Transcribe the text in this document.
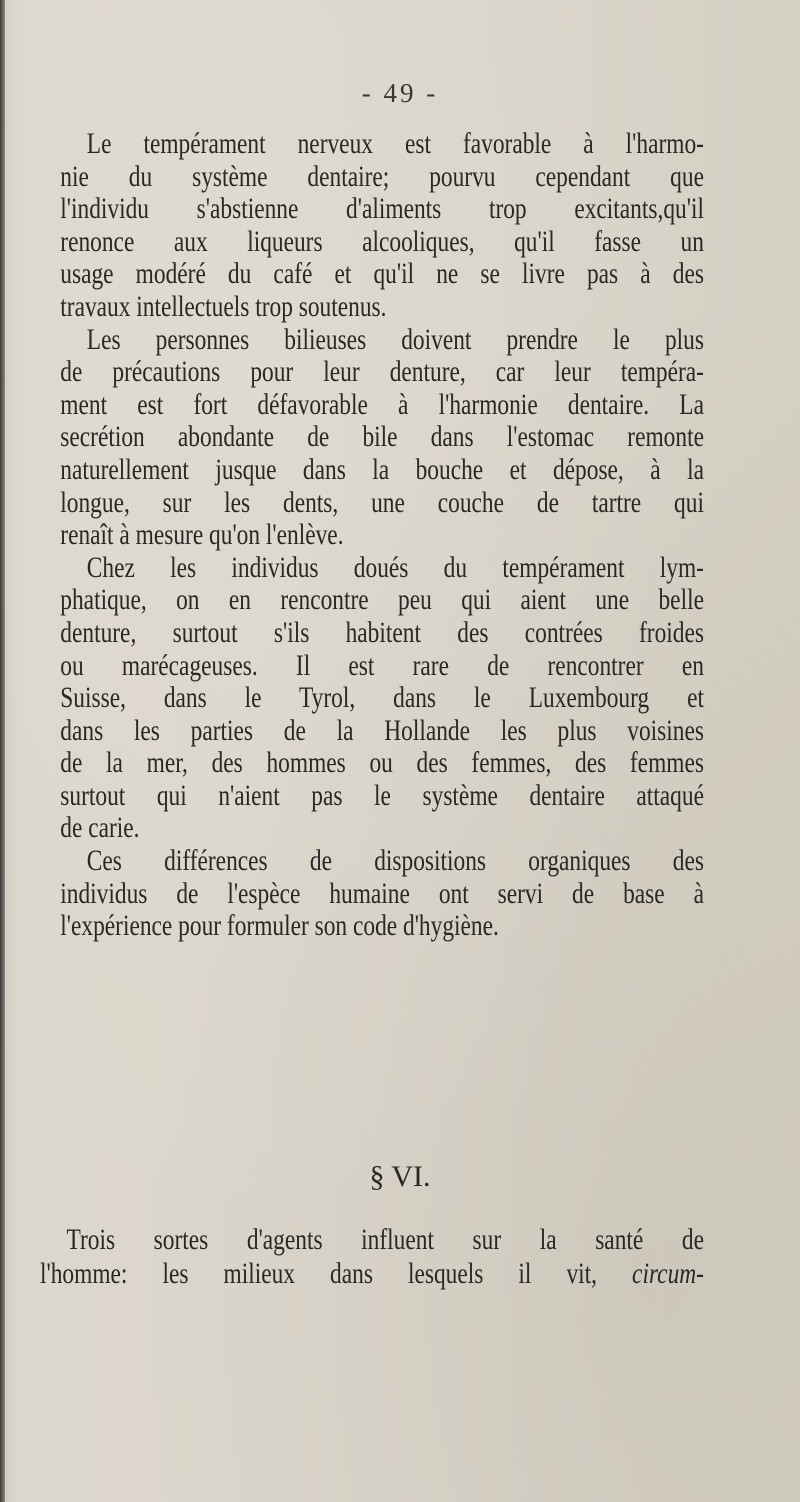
- 49 -
Le tempérament nerveux est favorable à l'harmo-
nie du système dentaire; pourvu cependant que
l'individu s'abstienne d'aliments trop excitants,qu'il
renonce aux liqueurs alcooliques, qu'il fasse un
usage modéré du café et qu'il ne se livre pas à des
travaux intellectuels trop soutenus.
Les personnes bilieuses doivent prendre le plus
de précautions pour leur denture, car leur tempéra-
ment est fort défavorable à l'harmonie dentaire. La
secrétion abondante de bile dans l'estomac remonte
naturellement jusque dans la bouche et dépose, à la
longue, sur les dents, une couche de tartre qui
renaît à mesure qu'on l'enlève.
Chez les individus doués du tempérament lym-
phatique, on en rencontre peu qui aient une belle
denture, surtout s'ils habitent des contrées froides
ou marécageuses. Il est rare de rencontrer en
Suisse, dans le Tyrol, dans le Luxembourg et
dans les parties de la Hollande les plus voisines
de la mer, des hommes ou des femmes, des femmes
surtout qui n'aient pas le système dentaire attaqué
de carie.
Ces différences de dispositions organiques des
individus de l'espèce humaine ont servi de base à
l'expérience pour formuler son code d'hygiène.
§ VI.
Trois sortes d'agents influent sur la santé de
l'homme: les milieux dans lesquels il vit, circum-
